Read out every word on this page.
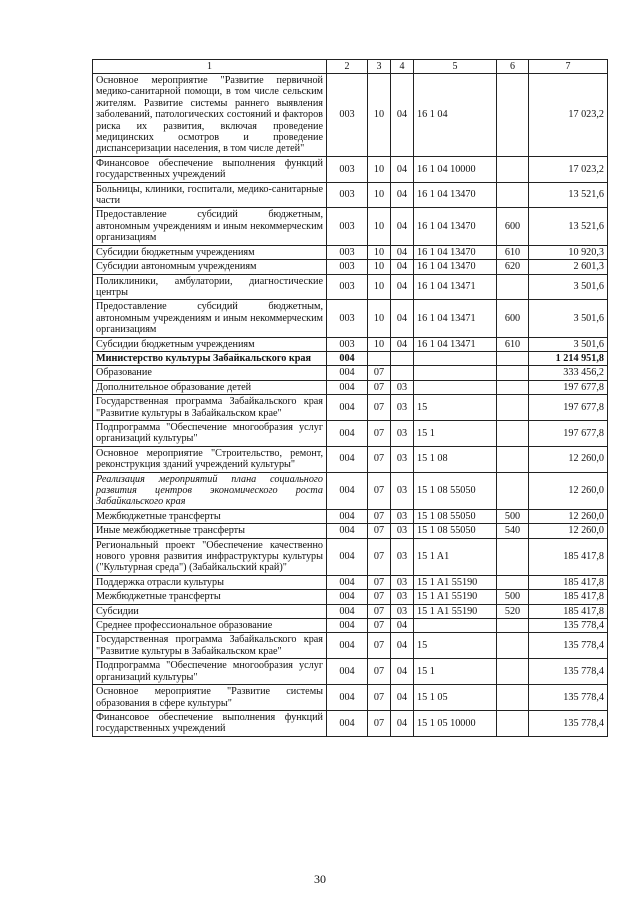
1	2	3	4	5	6	7
Основное мероприятие "Развитие первичной медико-санитарной помощи, в том числе сельским жителям. Развитие системы раннего выявления заболеваний, патологических состояний и факторов риска их развития, включая проведение медицинских осмотров и проведение диспансеризации населения, в том числе детей"	003	10	04	16 1 04		17 023,2
Финансовое обеспечение выполнения функций государственных учреждений	003	10	04	16 1 04 10000		17 023,2
Больницы, клиники, госпитали, медико-санитарные части	003	10	04	16 1 04 13470		13 521,6
Предоставление субсидий бюджетным, автономным учреждениям и иным некоммерческим организациям	003	10	04	16 1 04 13470	600	13 521,6
Субсидии бюджетным учреждениям	003	10	04	16 1 04 13470	610	10 920,3
Субсидии автономным учреждениям	003	10	04	16 1 04 13470	620	2 601,3
Поликлиники, амбулатории, диагностические центры	003	10	04	16 1 04 13471		3 501,6
Предоставление субсидий бюджетным, автономным учреждениям и иным некоммерческим организациям	003	10	04	16 1 04 13471	600	3 501,6
Субсидии бюджетным учреждениям	003	10	04	16 1 04 13471	610	3 501,6
Министерство культуры Забайкальского края	004					1 214 951,8
Образование	004	07				333 456,2
Дополнительное образование детей	004	07	03			197 677,8
Государственная программа Забайкальского края "Развитие культуры в Забайкальском крае"	004	07	03	15		197 677,8
Подпрограмма "Обеспечение многообразия услуг организаций культуры"	004	07	03	15 1		197 677,8
Основное мероприятие "Строительство, ремонт, реконструкция зданий учреждений культуры"	004	07	03	15 1 08		12 260,0
Реализация мероприятий плана социального развития центров экономического роста Забайкальского края	004	07	03	15 1 08 55050		12 260,0
Межбюджетные трансферты	004	07	03	15 1 08 55050	500	12 260,0
Иные межбюджетные трансферты	004	07	03	15 1 08 55050	540	12 260,0
Региональный проект "Обеспечение качественно нового уровня развития инфраструктуры культуры ("Культурная среда") (Забайкальский край)"	004	07	03	15 1 A1		185 417,8
Поддержка отрасли культуры	004	07	03	15 1 A1 55190		185 417,8
Межбюджетные трансферты	004	07	03	15 1 A1 55190	500	185 417,8
Субсидии	004	07	03	15 1 A1 55190	520	185 417,8
Среднее профессиональное образование	004	07	04			135 778,4
Государственная программа Забайкальского края "Развитие культуры в Забайкальском крае"	004	07	04	15		135 778,4
Подпрограмма "Обеспечение многообразия услуг организаций культуры"	004	07	04	15 1		135 778,4
Основное мероприятие "Развитие системы образования в сфере культуры"	004	07	04	15 1 05		135 778,4
Финансовое обеспечение выполнения функций государственных учреждений	004	07	04	15 1 05 10000		135 778,4
30
